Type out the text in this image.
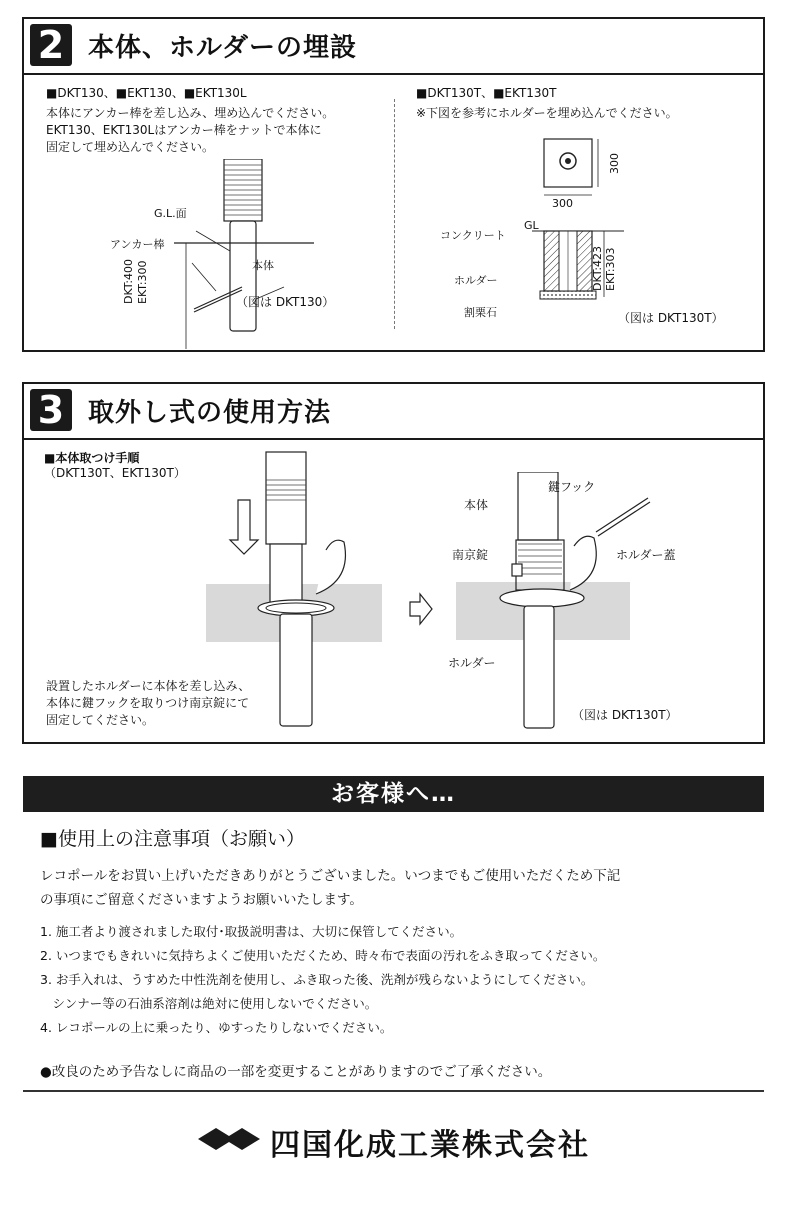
2 本体、ホルダーの埋設
■DKT130、■EKT130、■EKT130L
本体にアンカー棒を差し込み、埋め込んでください。
EKT130、EKT130Lはアンカー棒をナットで本体に
固定して埋め込んでください。
G.L.面
アンカー棒
本体
DKT:400 EKT:300	（図は DKT130）
■DKT130T、■EKT130T
※下図を参考にホルダーを埋め込んでください。
300
300
コンクリート
GL
ホルダー
割栗石
DKT:423 EKT:303
（図は DKT130T）
3 取外し式の使用方法
■本体取つけ手順
（DKT130T、EKT130T）
本体
鍵フック
南京錠	ホルダー蓋
ホルダー
設置したホルダーに本体を差し込み、
本体に鍵フックを取りつけ南京錠にて
固定してください。	（図は DKT130T）
お客様へ…
■使用上の注意事項（お願い）
レコポールをお買い上げいただきありがとうございました。いつまでもご使用いただくため下記
の事項にご留意くださいますようお願いいたします。
1. 施工者より渡されました取付･取扱説明書は、大切に保管してください。
2. いつまでもきれいに気持ちよくご使用いただくため、時々布で表面の汚れをふき取ってください。
3. お手入れは、うすめた中性洗剤を使用し、ふき取った後、洗剤が残らないようにしてください。
　シンナー等の石油系溶剤は絶対に使用しないでください。
4. レコポールの上に乗ったり、ゆすったりしないでください。
●改良のため予告なしに商品の一部を変更することがありますのでご了承ください。
四国化成工業株式会社
